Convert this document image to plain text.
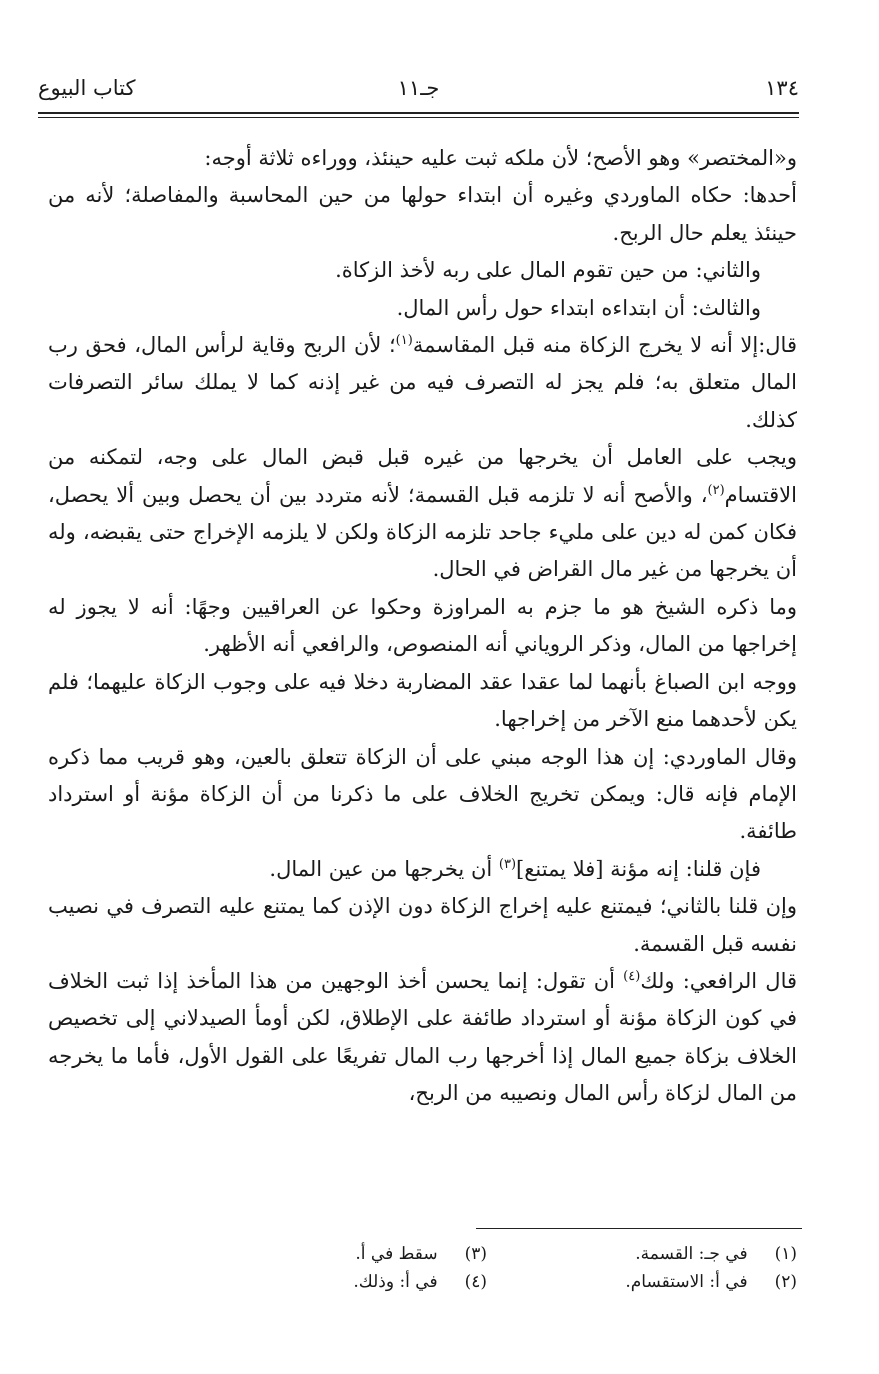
١٣٤
جـ١١
كتاب البيوع

و«المختصر» وهو الأصح؛ لأن ملكه ثبت عليه حينئذ، ووراءه ثلاثة أوجه:

أحدها: حكاه الماوردي وغيره أن ابتداء حولها من حين المحاسبة والمفاصلة؛ لأنه من حينئذ يعلم حال الربح.

والثاني: من حين تقوم المال على ربه لأخذ الزكاة.

والثالث: أن ابتداءه ابتداء حول رأس المال.

قال:إلا أنه لا يخرج الزكاة منه قبل المقاسمة$^{(١)}$؛ لأن الربح وقاية لرأس المال، فحق رب المال متعلق به؛ فلم يجز له التصرف فيه من غير إذنه كما لا يملك سائر التصرفات كذلك.

ويجب على العامل أن يخرجها من غيره قبل قبض المال على وجه، لتمكنه من الاقتسام$^{(٢)}$، والأصح أنه لا تلزمه قبل القسمة؛ لأنه متردد بين أن يحصل وبين ألا يحصل، فكان كمن له دين على مليء جاحد تلزمه الزكاة ولكن لا يلزمه الإخراج حتى يقبضه، وله أن يخرجها من غير مال القراض في الحال.

وما ذكره الشيخ هو ما جزم به المراوزة وحكوا عن العراقيين وجهًا: أنه لا يجوز له إخراجها من المال، وذكر الروياني أنه المنصوص، والرافعي أنه الأظهر.

ووجه ابن الصباغ بأنهما لما عقدا عقد المضاربة دخلا فيه على وجوب الزكاة عليهما؛ فلم يكن لأحدهما منع الآخر من إخراجها.

وقال الماوردي: إن هذا الوجه مبني على أن الزكاة تتعلق بالعين، وهو قريب مما ذكره الإمام فإنه قال: ويمكن تخريج الخلاف على ما ذكرنا من أن الزكاة مؤنة أو استرداد طائفة.

فإن قلنا: إنه مؤنة [فلا يمتنع]$^{(٣)}$ أن يخرجها من عين المال.

وإن قلنا بالثاني؛ فيمتنع عليه إخراج الزكاة دون الإذن كما يمتنع عليه التصرف في نصيب نفسه قبل القسمة.

قال الرافعي: ولك$^{(٤)}$ أن تقول: إنما يحسن أخذ الوجهين من هذا المأخذ إذا ثبت الخلاف في كون الزكاة مؤنة أو استرداد طائفة على الإطلاق، لكن أومأ الصيدلاني إلى تخصيص الخلاف بزكاة جميع المال إذا أخرجها رب المال تفريعًا على القول الأول، فأما ما يخرجه من المال لزكاة رأس المال ونصيبه من الربح،

(١) في جـ: القسمة.
(٢) في أ: الاستقسام.
(٣) سقط في أ.
(٤) في أ: وذلك.
